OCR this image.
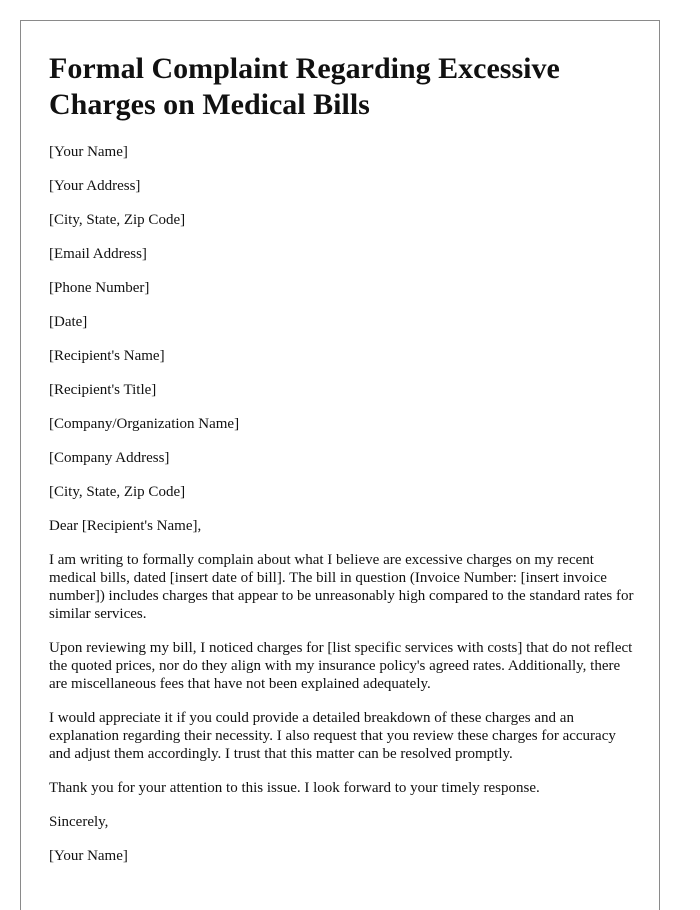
Formal Complaint Regarding Excessive Charges on Medical Bills

[Your Name]

[Your Address]

[City, State, Zip Code]

[Email Address]

[Phone Number]

[Date]

[Recipient's Name]

[Recipient's Title]

[Company/Organization Name]

[Company Address]

[City, State, Zip Code]

Dear [Recipient's Name],

I am writing to formally complain about what I believe are excessive charges on my recent medical bills, dated [insert date of bill]. The bill in question (Invoice Number: [insert invoice number]) includes charges that appear to be unreasonably high compared to the standard rates for similar services.

Upon reviewing my bill, I noticed charges for [list specific services with costs] that do not reflect the quoted prices, nor do they align with my insurance policy's agreed rates. Additionally, there are miscellaneous fees that have not been explained adequately.

I would appreciate it if you could provide a detailed breakdown of these charges and an explanation regarding their necessity. I also request that you review these charges for accuracy and adjust them accordingly. I trust that this matter can be resolved promptly.

Thank you for your attention to this issue. I look forward to your timely response.

Sincerely,

[Your Name]
